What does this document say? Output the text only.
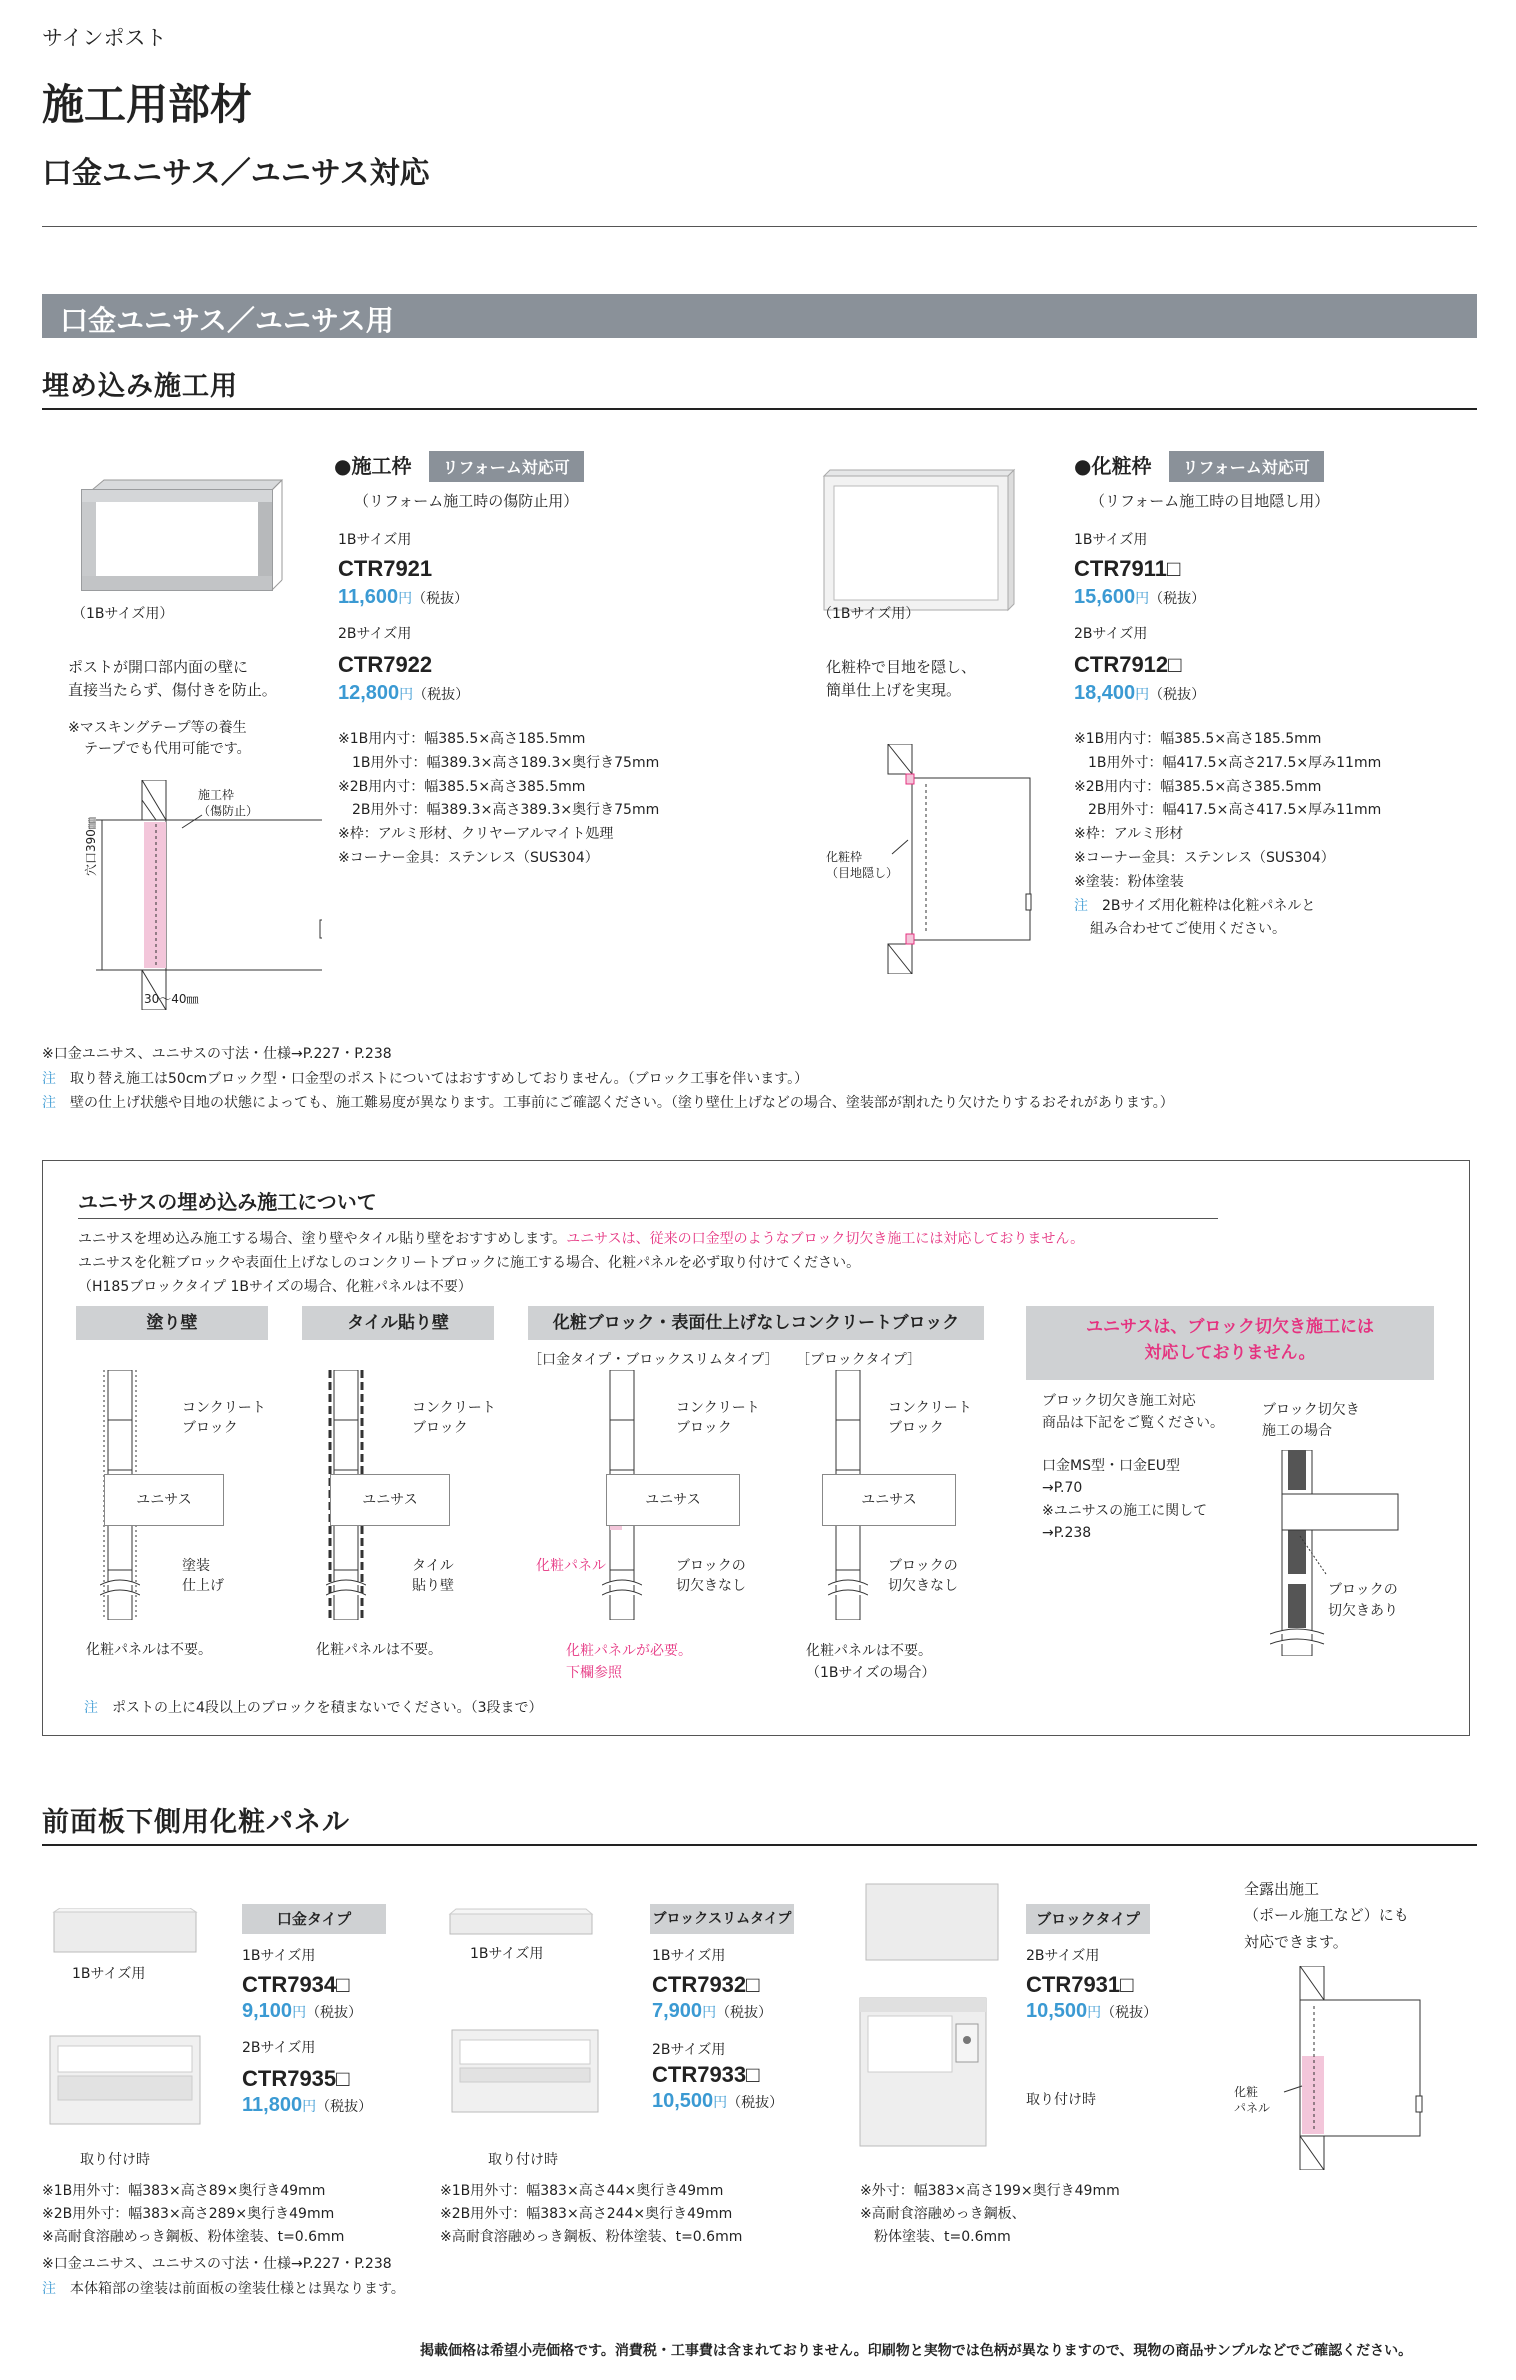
サインポスト
施工用部材
口金ユニサス／ユニサス対応
口金ユニサス／ユニサス用
埋め込み施工用
（1Bサイズ用）
ポストが開口部内面の壁に
直接当たらず、傷付きを防止。
※マスキングテープ等の養生
テープでも代用可能です。
施工枠
（傷防止）
穴口390㎜
30～40㎜
●施工枠 リフォーム対応可
（リフォーム施工時の傷防止用）
1Bサイズ用
CTR7921
11,600円（税抜）
2Bサイズ用
CTR7922
12,800円（税抜）
※1B用内寸：幅385.5×高さ185.5mm
　1B用外寸：幅389.3×高さ189.3×奥行き75mm
※2B用内寸：幅385.5×高さ385.5mm
　2B用外寸：幅389.3×高さ389.3×奥行き75mm
※枠：アルミ形材、クリヤーアルマイト処理
※コーナー金具：ステンレス（SUS304）
（1Bサイズ用）
化粧枠で目地を隠し、
簡単仕上げを実現。
化粧枠
（目地隠し）
●化粧枠 リフォーム対応可
（リフォーム施工時の目地隠し用）
1Bサイズ用
CTR7911□
15,600円（税抜）
2Bサイズ用
CTR7912□
18,400円（税抜）
※1B用内寸：幅385.5×高さ185.5mm
　1B用外寸：幅417.5×高さ217.5×厚み11mm
※2B用内寸：幅385.5×高さ385.5mm
　2B用外寸：幅417.5×高さ417.5×厚み11mm
※枠：アルミ形材
※コーナー金具：ステンレス（SUS304）
※塗装：粉体塗装
注　 2Bサイズ用化粧枠は化粧パネルと
組み合わせてご使用ください。
※口金ユニサス、ユニサスの寸法・仕様→P.227・P.238
注　 取り替え施工は50cmブロック型・口金型のポストについてはおすすめしておりません。（ブロック工事を伴います。）
注　 壁の仕上げ状態や目地の状態によっても、施工難易度が異なります。工事前にご確認ください。（塗り壁仕上げなどの場合、塗装部が割れたり欠けたりするおそれがあります。）
ユニサスの埋め込み施工について
ユニサスを埋め込み施工する場合、塗り壁やタイル貼り壁をおすすめします。ユニサスは、従来の口金型のようなブロック切欠き施工には対応しておりません。
ユニサスを化粧ブロックや表面仕上げなしのコンクリートブロックに施工する場合、化粧パネルを必ず取り付けてください。
（H185ブロックタイプ 1Bサイズの場合、化粧パネルは不要）
塗り壁	タイル貼り壁	化粧ブロック・表面仕上げなしコンクリートブロック	ユニサスは、ブロック切欠き施工には
対応しておりません。
［口金タイプ・ブロックスリムタイプ］ ［ブロックタイプ］
ユニサス	ユニサス	ユニサス	ユニサス
コンクリート
ブロック
塗装
仕上げ
コンクリート
ブロック
タイル
貼り壁
コンクリート
ブロック
化粧パネル	ブロックの
切欠きなし
コンクリート
ブロック
ブロックの
切欠きなし
化粧パネルは不要。	化粧パネルは不要。	化粧パネルが必要。
下欄参照
化粧パネルは不要。
（1Bサイズの場合）
ブロック切欠き施工対応
商品は下記をご覧ください。
口金MS型・口金EU型
→P.70
※ユニサスの施工に関して
→P.238
ブロック切欠き
施工の場合
ブロックの
切欠きあり
注　 ポストの上に4段以上のブロックを積まないでください。（3段まで）
前面板下側用化粧パネル
1Bサイズ用
取り付け時
口金タイプ
1Bサイズ用
CTR7934□
9,100円（税抜）
2Bサイズ用
CTR7935□
11,800円（税抜）
※1B用外寸：幅383×高さ89×奥行き49mm
※2B用外寸：幅383×高さ289×奥行き49mm
※高耐食溶融めっき鋼板、粉体塗装、t=0.6mm
1Bサイズ用
取り付け時
ブロックスリムタイプ
1Bサイズ用
CTR7932□
7,900円（税抜）
2Bサイズ用
CTR7933□
10,500円（税抜）
※1B用外寸：幅383×高さ44×奥行き49mm
※2B用外寸：幅383×高さ244×奥行き49mm
※高耐食溶融めっき鋼板、粉体塗装、t=0.6mm
取り付け時
ブロックタイプ
2Bサイズ用
CTR7931□
10,500円（税抜）
※外寸：幅383×高さ199×奥行き49mm
※高耐食溶融めっき鋼板、
　粉体塗装、t=0.6mm
全露出施工
（ポール施工など）にも
対応できます。
化粧
パネル
※口金ユニサス、ユニサスの寸法・仕様→P.227・P.238
注　 本体箱部の塗装は前面板の塗装仕様とは異なります。
掲載価格は希望小売価格です。消費税・工事費は含まれておりません。印刷物と実物では色柄が異なりますので、現物の商品サンプルなどでご確認ください。
